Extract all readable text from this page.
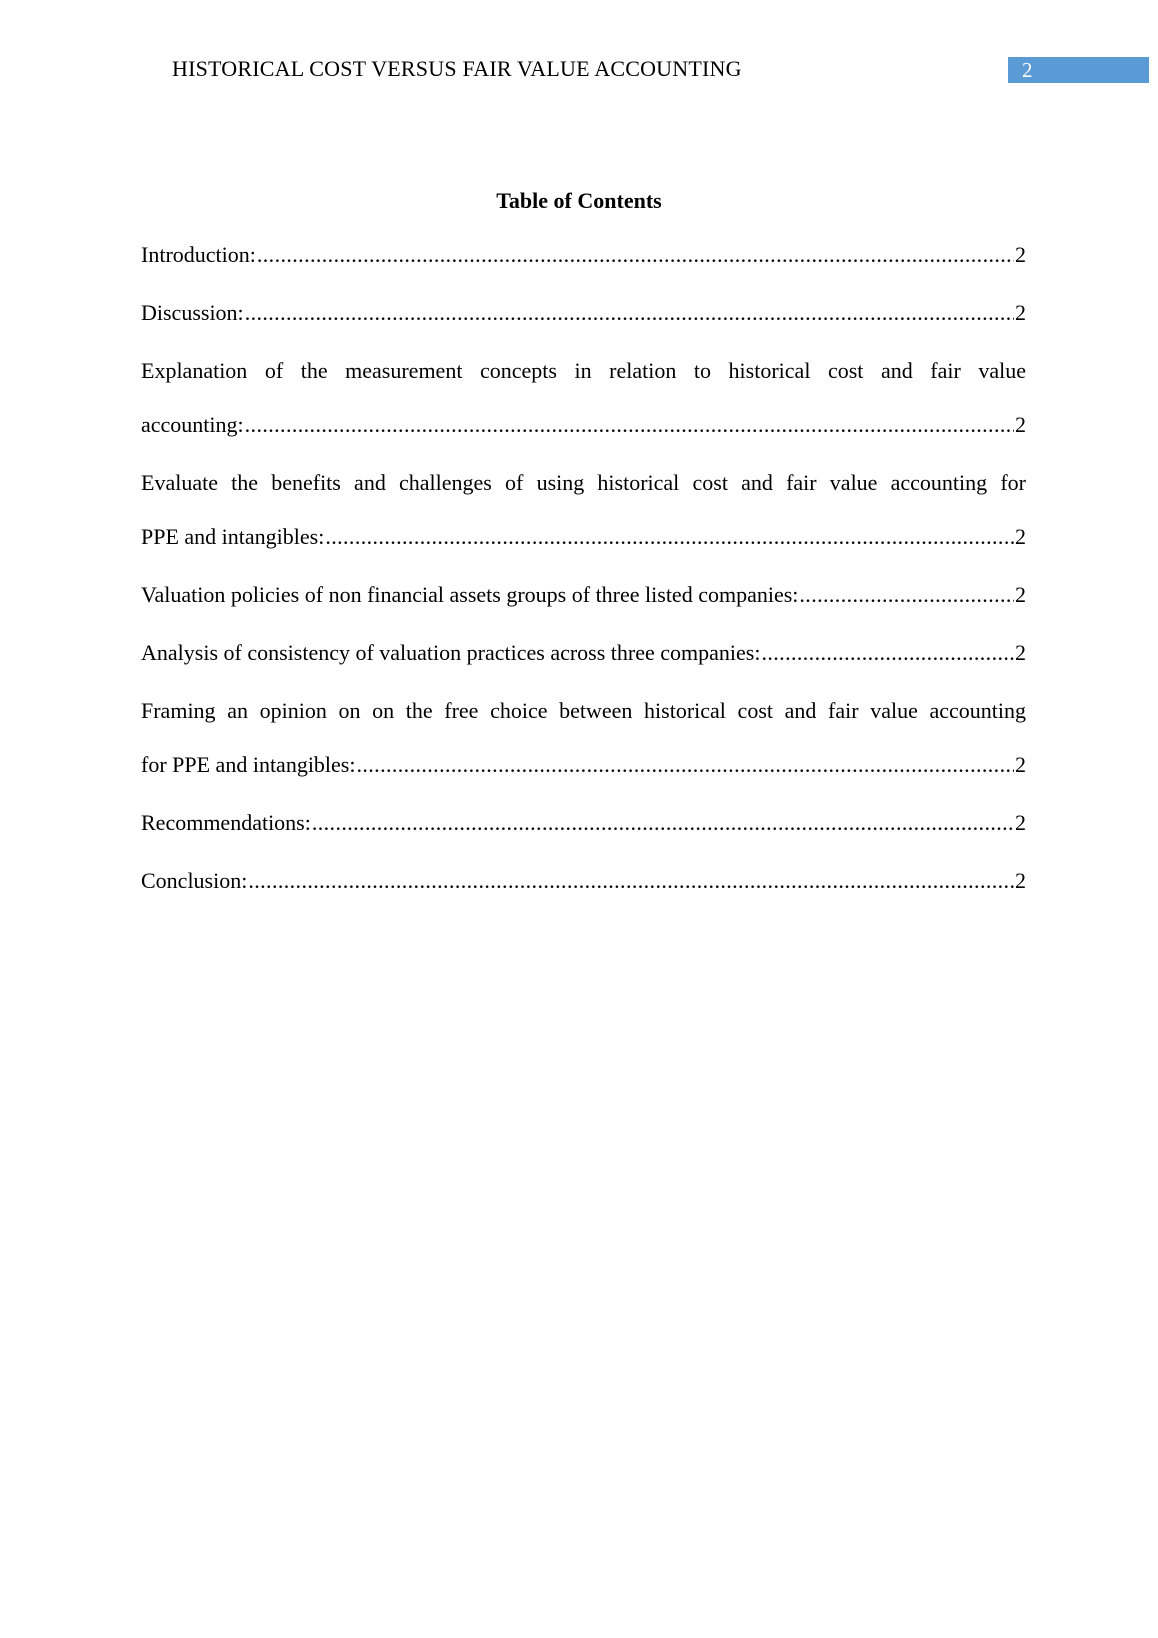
HISTORICAL COST VERSUS FAIR VALUE ACCOUNTING	2
Table of Contents
Introduction: .....	2
Discussion: .....	2
Explanation of the measurement concepts in relation to historical cost and fair value
accounting: .....	2
Evaluate the benefits and challenges of using historical cost and fair value accounting for
PPE and intangibles: .....	2
Valuation policies of non financial assets groups of three listed companies: .....	2
Analysis of consistency of valuation practices across three companies: .....	2
Framing an opinion on on the free choice between historical cost and fair value accounting
for PPE and intangibles: .....	2
Recommendations: .....	2
Conclusion: .....	2
